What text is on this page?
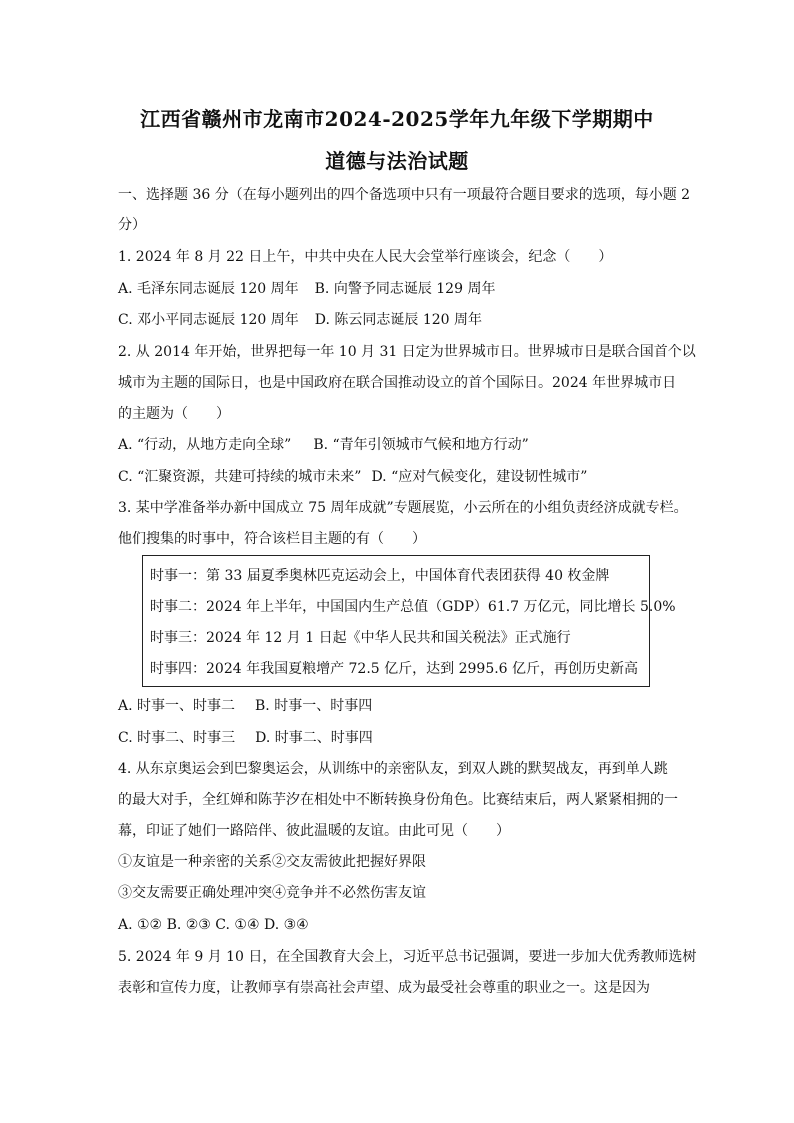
江西省赣州市龙南市2024-2025学年九年级下学期期中
道德与法治试题
一、选择题 36 分（在每小题列出的四个备选项中只有一项最符合题目要求的选项，每小题 2
分）
1. 2024 年 8 月 22 日上午，中共中央在人民大会堂举行座谈会，纪念（　　）
A. 毛泽东同志诞辰 120 周年 B. 向警予同志诞辰 129 周年
C. 邓小平同志诞辰 120 周年 D. 陈云同志诞辰 120 周年
2. 从 2014 年开始，世界把每一年 10 月 31 日定为世界城市日。世界城市日是联合国首个以
城市为主题的国际日，也是中国政府在联合国推动设立的首个国际日。2024 年世界城市日
的主题为（　　）
A. “行动，从地方走向全球” B. “青年引领城市气候和地方行动”
C. “汇聚资源，共建可持续的城市未来” D. “应对气候变化，建设韧性城市”
3. 某中学准备举办新中国成立 75 周年成就”专题展览，小云所在的小组负责经济成就专栏。
他们搜集的时事中，符合该栏目主题的有（　　）
时事一：第 33 届夏季奥林匹克运动会上，中国体育代表团获得 40 枚金牌
时事二：2024 年上半年，中国国内生产总值（GDP）61.7 万亿元，同比增长 5.0%
时事三：2024 年 12 月 1 日起《中华人民共和国关税法》正式施行
时事四：2024 年我国夏粮增产 72.5 亿斤，达到 2995.6 亿斤，再创历史新高
A. 时事一、时事二 B. 时事一、时事四
C. 时事二、时事三 D. 时事二、时事四
4. 从东京奥运会到巴黎奥运会，从训练中的亲密队友，到双人跳的默契战友，再到单人跳
的最大对手，全红婵和陈芋汐在相处中不断转换身份角色。比赛结束后，两人紧紧相拥的一
幕，印证了她们一路陪伴、彼此温暖的友谊。由此可见（　　）
①友谊是一种亲密的关系②交友需彼此把握好界限
③交友需要正确处理冲突④竞争并不必然伤害友谊
A. ①② B. ②③ C. ①④ D. ③④
5. 2024 年 9 月 10 日，在全国教育大会上，习近平总书记强调，要进一步加大优秀教师选树
表彰和宣传力度，让教师享有崇高社会声望、成为最受社会尊重的职业之一。这是因为
